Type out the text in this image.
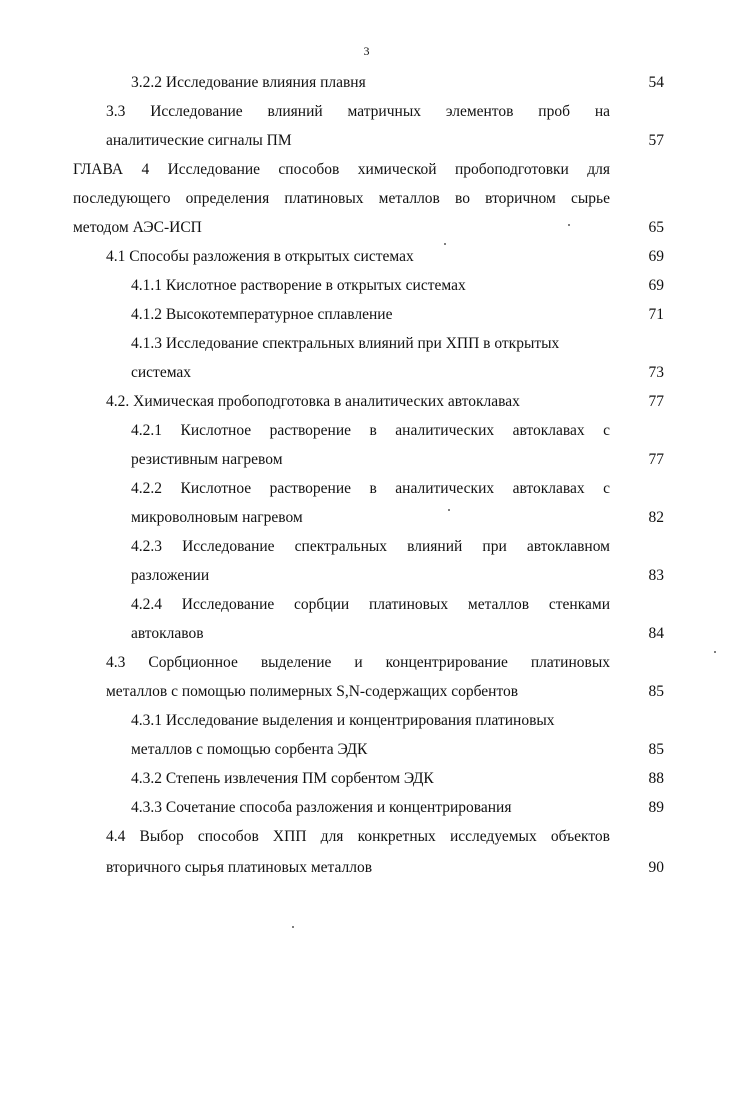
3
3.2.2 Исследование влияния плавня	54
3.3 Исследование влияний матричных элементов проб на
аналитические сигналы ПМ	57
ГЛАВА 4 Исследование способов химической пробоподготовки для
последующего определения платиновых металлов во вторичном сырье
методом АЭС-ИСП	65
4.1 Способы разложения в открытых системах	69
4.1.1 Кислотное растворение в открытых системах	69
4.1.2 Высокотемпературное сплавление	71
4.1.3 Исследование спектральных влияний при ХПП в открытых
системах	73
4.2. Химическая пробоподготовка в аналитических автоклавах	77
4.2.1 Кислотное растворение в аналитических автоклавах с
резистивным нагревом	77
4.2.2 Кислотное растворение в аналитических автоклавах с
микроволновым нагревом	82
4.2.3 Исследование спектральных влияний при автоклавном
разложении	83
4.2.4 Исследование сорбции платиновых металлов стенками
автоклавов	84
4.3 Сорбционное выделение и концентрирование платиновых
металлов с помощью полимерных S,N-содержащих сорбентов	85
4.3.1 Исследование выделения и концентрирования платиновых
металлов с помощью сорбента ЭДК	85
4.3.2 Степень извлечения ПМ сорбентом ЭДК	88
4.3.3 Сочетание способа разложения и концентрирования	89
4.4 Выбор способов ХПП для конкретных исследуемых объектов
вторичного сырья платиновых металлов	90
